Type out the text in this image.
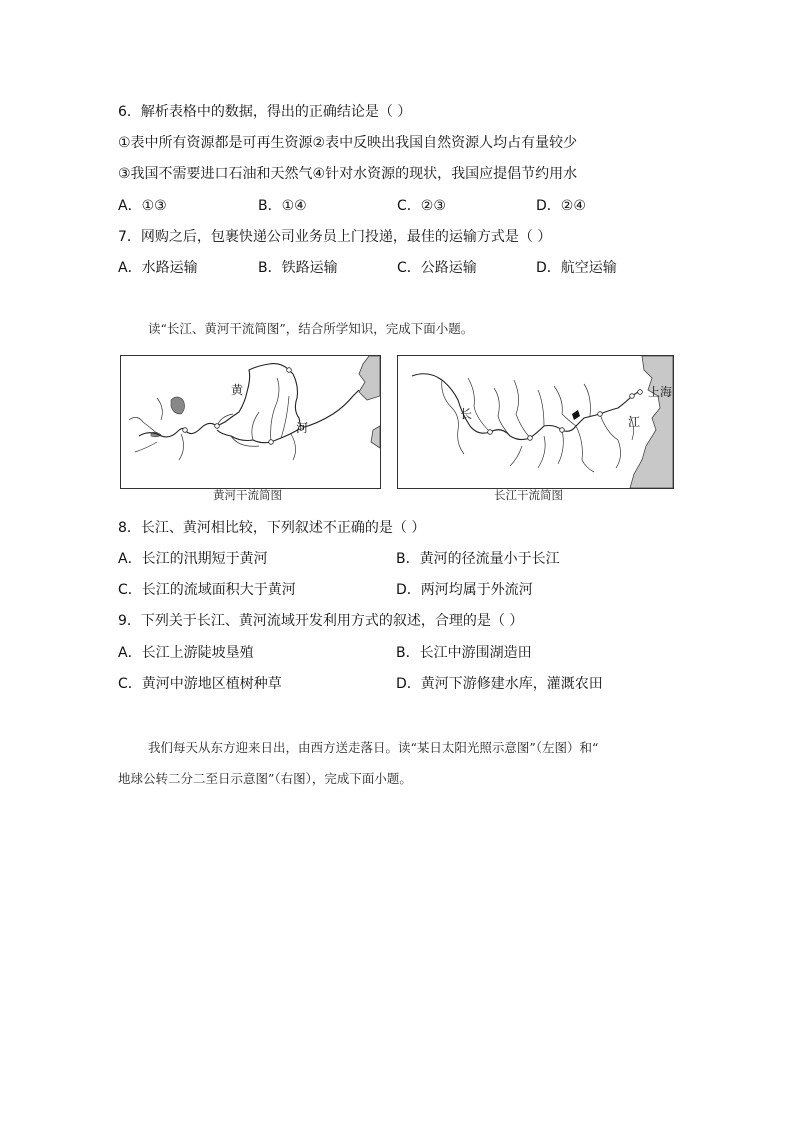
6．解析表格中的数据，得出的正确结论是（ ）
①表中所有资源都是可再生资源②表中反映出我国自然资源人均占有量较少
③我国不需要进口石油和天然气④针对水资源的现状，我国应提倡节约用水
A．①③	B．①④	C．②③	D．②④
7．网购之后，包裹快递公司业务员上门投递，最佳的运输方式是（ ）
A．水路运输	B．铁路运输	C．公路运输	D．航空运输
读“长江、黄河干流简图”，结合所学知识，完成下面小题。
黄
河
黄河干流简图
长
江
上海
长江干流简图
8．长江、黄河相比较，下列叙述不正确的是（ ）
A．长江的汛期短于黄河	B．黄河的径流量小于长江
C．长江的流域面积大于黄河	D．两河均属于外流河
9．下列关于长江、黄河流域开发利用方式的叙述，合理的是（ ）
A．长江上游陡坡垦殖	B．长江中游围湖造田
C．黄河中游地区植树种草	D．黄河下游修建水库，灌溉农田
我们每天从东方迎来日出，由西方送走落日。读“某日太阳光照示意图”（左图）和“
地球公转二分二至日示意图”（右图），完成下面小题。
